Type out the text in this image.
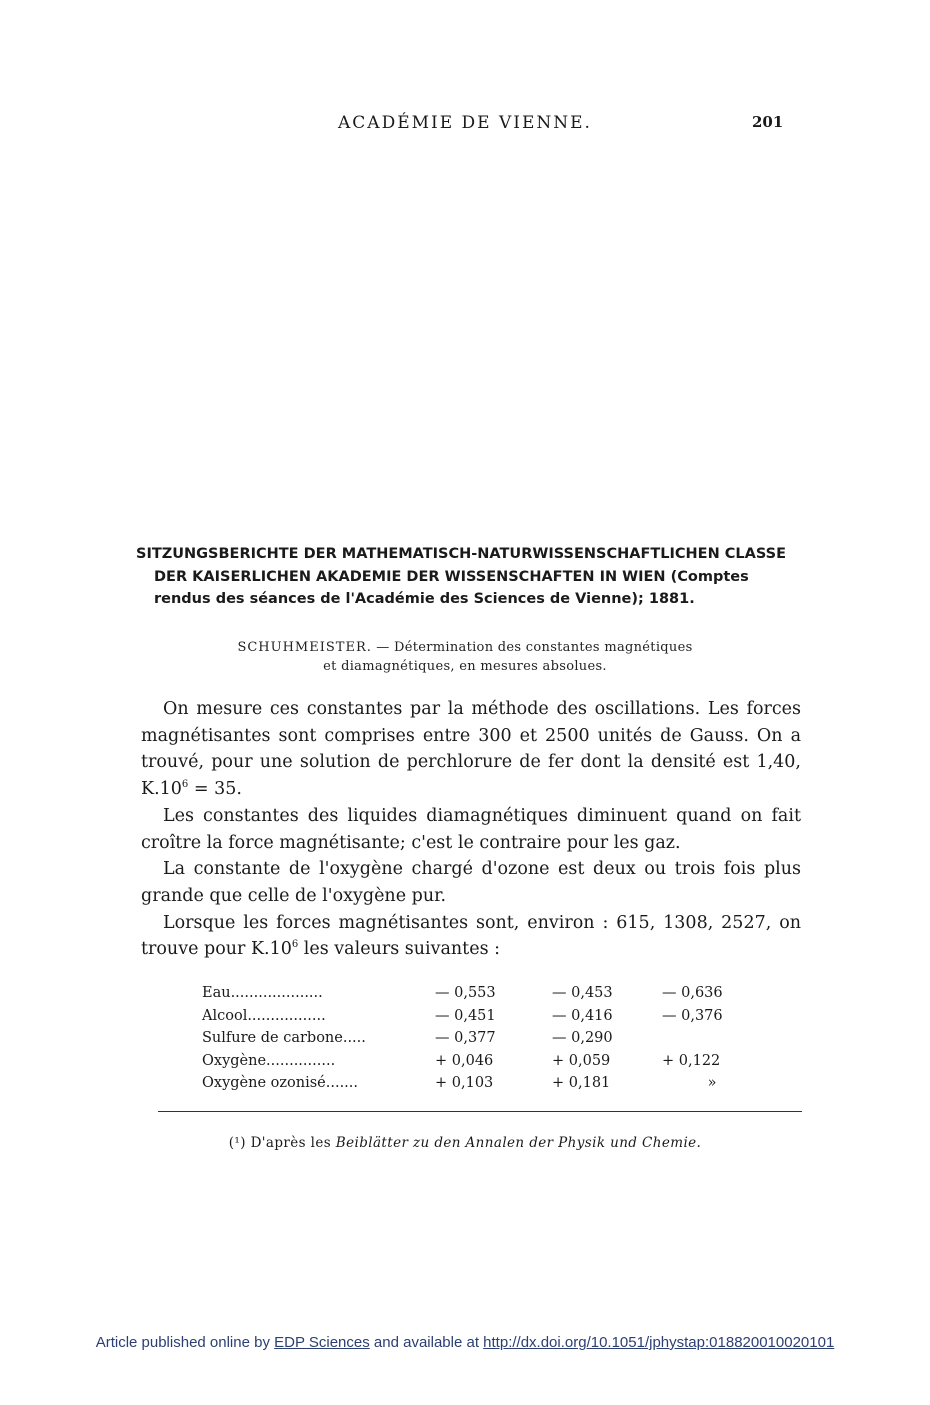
ACADÉMIE DE VIENNE.	201
SITZUNGSBERICHTE DER MATHEMATISCH-NATURWISSENSCHAFTLICHEN CLASSE
DER KAISERLICHEN AKADEMIE DER WISSENSCHAFTEN IN WIEN (Comptes
rendus des séances de l'Académie des Sciences de Vienne); 1881.
SCHUHMEISTER. — Détermination des constantes magnétiques
et diamagnétiques, en mesures absolues.

On mesure ces constantes par la méthode des oscillations. Les forces magnétisantes sont comprises entre 300 et 2500 unités de Gauss. On a trouvé, pour une solution de perchlorure de fer dont la densité est 1,40, $K.10^6 = 35$.

Les constantes des liquides diamagnétiques diminuent quand on fait croître la force magnétisante; c'est le contraire pour les gaz.

La constante de l'oxygène chargé d'ozone est deux ou trois fois plus grande que celle de l'oxygène pur.

Lorsque les forces magnétisantes sont, environ : 615, 1308, 2527, on trouve pour $K.10^6$ les valeurs suivantes :

Eau....................	— 0,553	— 0,453	— 0,636
Alcool.................	— 0,451	— 0,416	— 0,376
Sulfure de carbone.....	— 0,377	— 0,290	
Oxygène...............	+ 0,046	+ 0,059	+ 0,122
Oxygène ozonisé.......	+ 0,103	+ 0,181	»
(¹) D'après les Beiblätter zu den Annalen der Physik und Chemie.
Article published online by EDP Sciences and available at http://dx.doi.org/10.1051/jphystap:018820010020101
